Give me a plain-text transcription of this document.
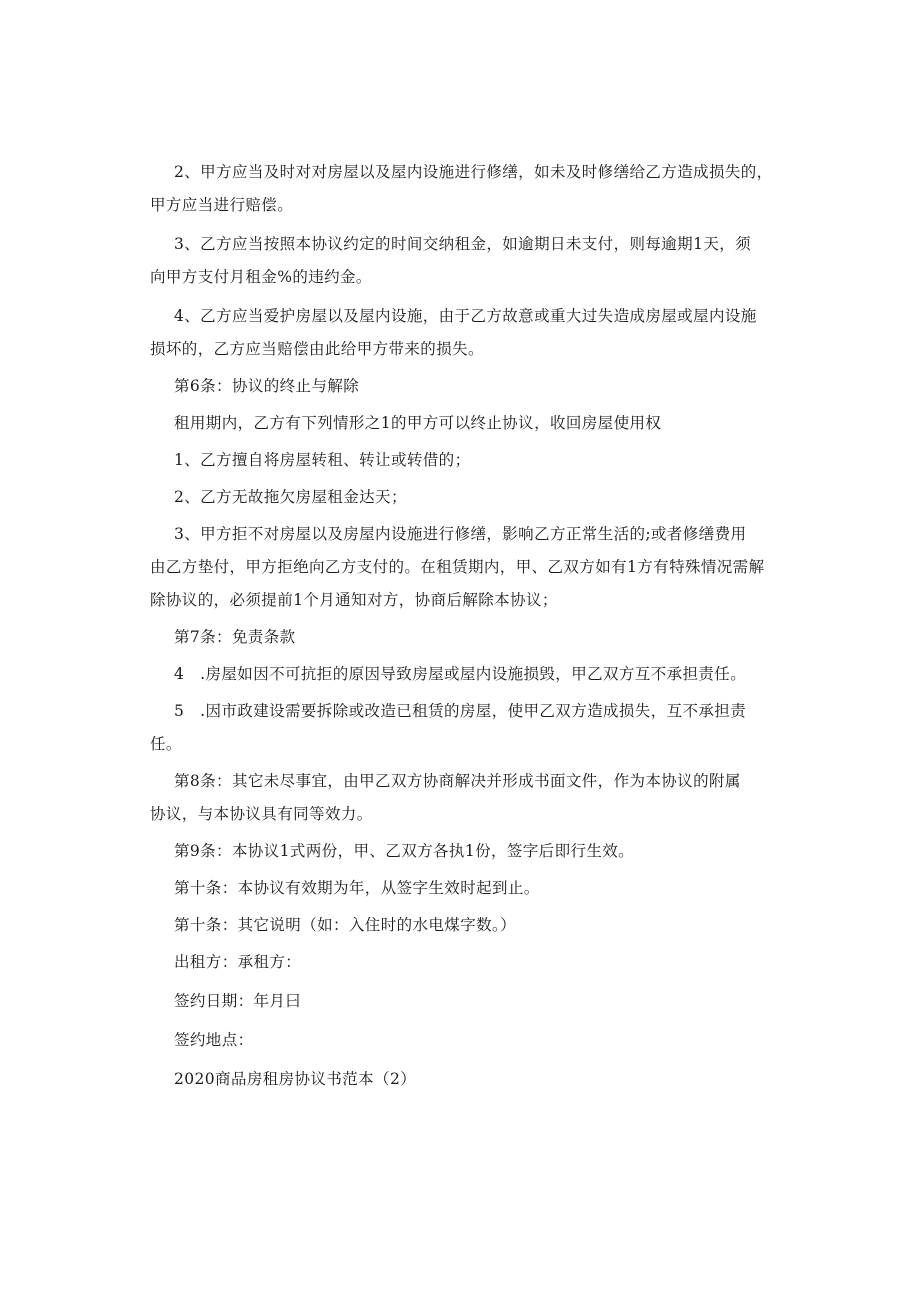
2、甲方应当及时对对房屋以及屋内设施进行修缮，如未及时修缮给乙方造成损失的，
甲方应当进行赔偿。
3、乙方应当按照本协议约定的时间交纳租金，如逾期日未支付，则每逾期1天，须
向甲方支付月租金%的违约金。
4、乙方应当爱护房屋以及屋内设施，由于乙方故意或重大过失造成房屋或屋内设施
损坏的，乙方应当赔偿由此给甲方带来的损失。
第6条：协议的终止与解除
租用期内，乙方有下列情形之1的甲方可以终止协议，收回房屋使用权
1、乙方擅自将房屋转租、转让或转借的；
2、乙方无故拖欠房屋租金达天；
3、甲方拒不对房屋以及房屋内设施进行修缮，影响乙方正常生活的;或者修缮费用
由乙方垫付，甲方拒绝向乙方支付的。在租赁期内，甲、乙双方如有1方有特殊情况需解
除协议的，必须提前1个月通知对方，协商后解除本协议；
第7条：免责条款
4　.房屋如因不可抗拒的原因导致房屋或屋内设施损毁，甲乙双方互不承担责任。
5　.因市政建设需要拆除或改造已租赁的房屋，使甲乙双方造成损失，互不承担责
任。
第8条：其它未尽事宜，由甲乙双方协商解决并形成书面文件，作为本协议的附属
协议，与本协议具有同等效力。
第9条：本协议1式两份，甲、乙双方各执1份，签字后即行生效。
第十条：本协议有效期为年，从签字生效时起到止。
第十条：其它说明（如：入住时的水电煤字数。）
出租方：承租方：
签约日期：年月曰
签约地点：
2020商品房租房协议书范本（2）
